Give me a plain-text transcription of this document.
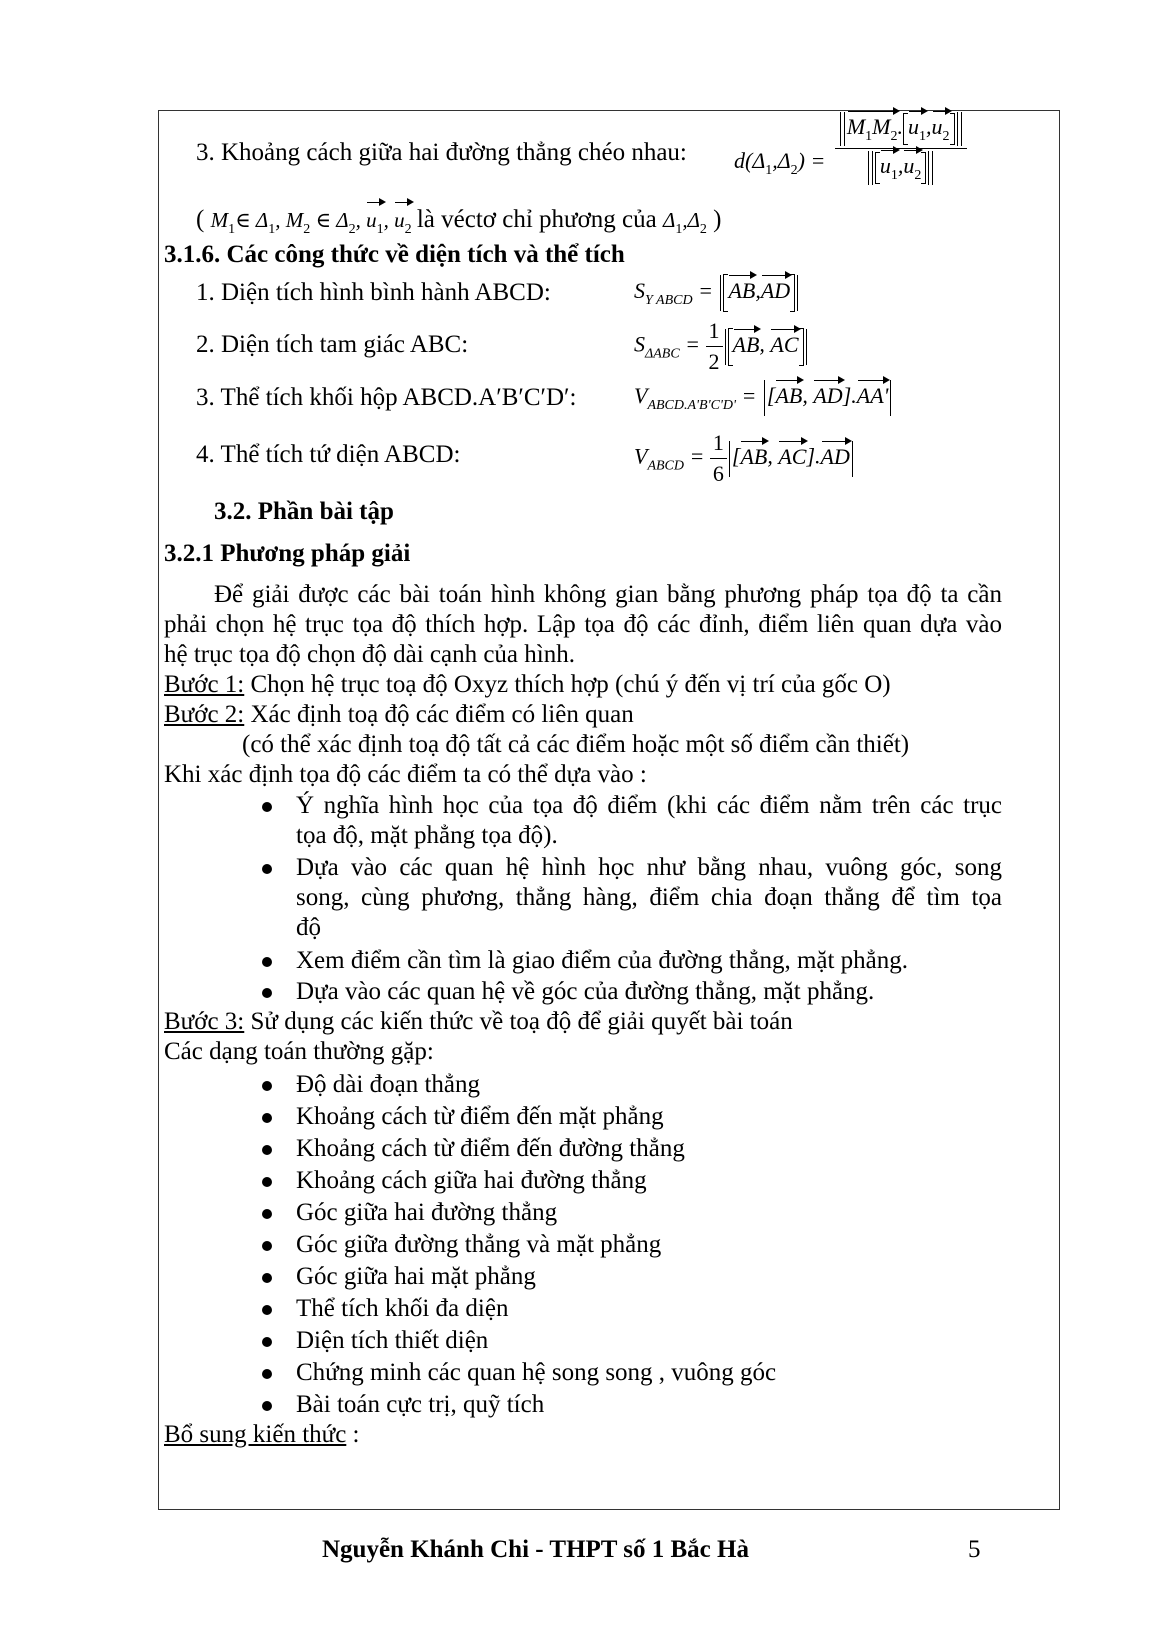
3. Khoảng cách giữa hai đường thẳng chéo nhau: $d(\Delta_1,\Delta_2) = \frac{M_1M_2. u_1,u_2}{u_1,u_2}$
( $M_1\in$ $\Delta_1$, $M_2$ ∈ $\Delta_2$, $u_1$, $u_2$ là véctơ chỉ phương của $\Delta_1,\Delta_2$ )
3.1.6. Các công thức về diện tích và thể tích
1. Diện tích hình bình hành ABCD:	$S_{Y ABCD} = AB,AD$
2. Diện tích tam giác ABC:	$S_{\Delta ABC} = \frac{1}{2}$ AB, AC
3. Thể tích khối hộp ABCD.A′B′C′D′:	$V_{ABCD.A'B'C'D'} = [AB$, AD].AA'
4. Thể tích tứ diện ABCD:	$V_{ABCD} = \frac{1}{6} [AB$, AC].AD
3.2. Phần bài tập
3.2.1 Phương pháp giải
Để giải được các bài toán hình không gian bằng phương pháp tọa độ ta cần
phải chọn hệ trục tọa độ thích hợp. Lập tọa độ các đỉnh, điểm liên quan dựa vào
hệ trục tọa độ chọn độ dài cạnh của hình.
Bước 1: Chọn hệ trục toạ độ Oxyz thích hợp (chú ý đến vị trí của gốc O)
Bước 2: Xác định toạ độ các điểm có liên quan
(có thể xác định toạ độ tất cả các điểm hoặc một số điểm cần thiết)
Khi xác định tọa độ các điểm ta có thể dựa vào :
Ý nghĩa hình học của tọa độ điểm (khi các điểm nằm trên các trục
tọa độ, mặt phẳng tọa độ).
Dựa vào các quan hệ hình học như bằng nhau, vuông góc, song
song, cùng phương, thẳng hàng, điểm chia đoạn thẳng để tìm tọa
độ
Xem điểm cần tìm là giao điểm của đường thẳng, mặt phẳng.
Dựa vào các quan hệ về góc của đường thẳng, mặt phẳng.
Bước 3: Sử dụng các kiến thức về toạ độ để giải quyết bài toán
Các dạng toán thường gặp:
Độ dài đoạn thẳng
Khoảng cách từ điểm đến mặt phẳng
Khoảng cách từ điểm đến đường thẳng
Khoảng cách giữa hai đường thẳng
Góc giữa hai đường thẳng
Góc giữa đường thẳng và mặt phẳng
Góc giữa hai mặt phẳng
Thể tích khối đa diện
Diện tích thiết diện
Chứng minh các quan hệ song song , vuông góc
Bài toán cực trị, quỹ tích
Bổ sung kiến thức :
Nguyễn Khánh Chi - THPT số 1 Bắc Hà	5
